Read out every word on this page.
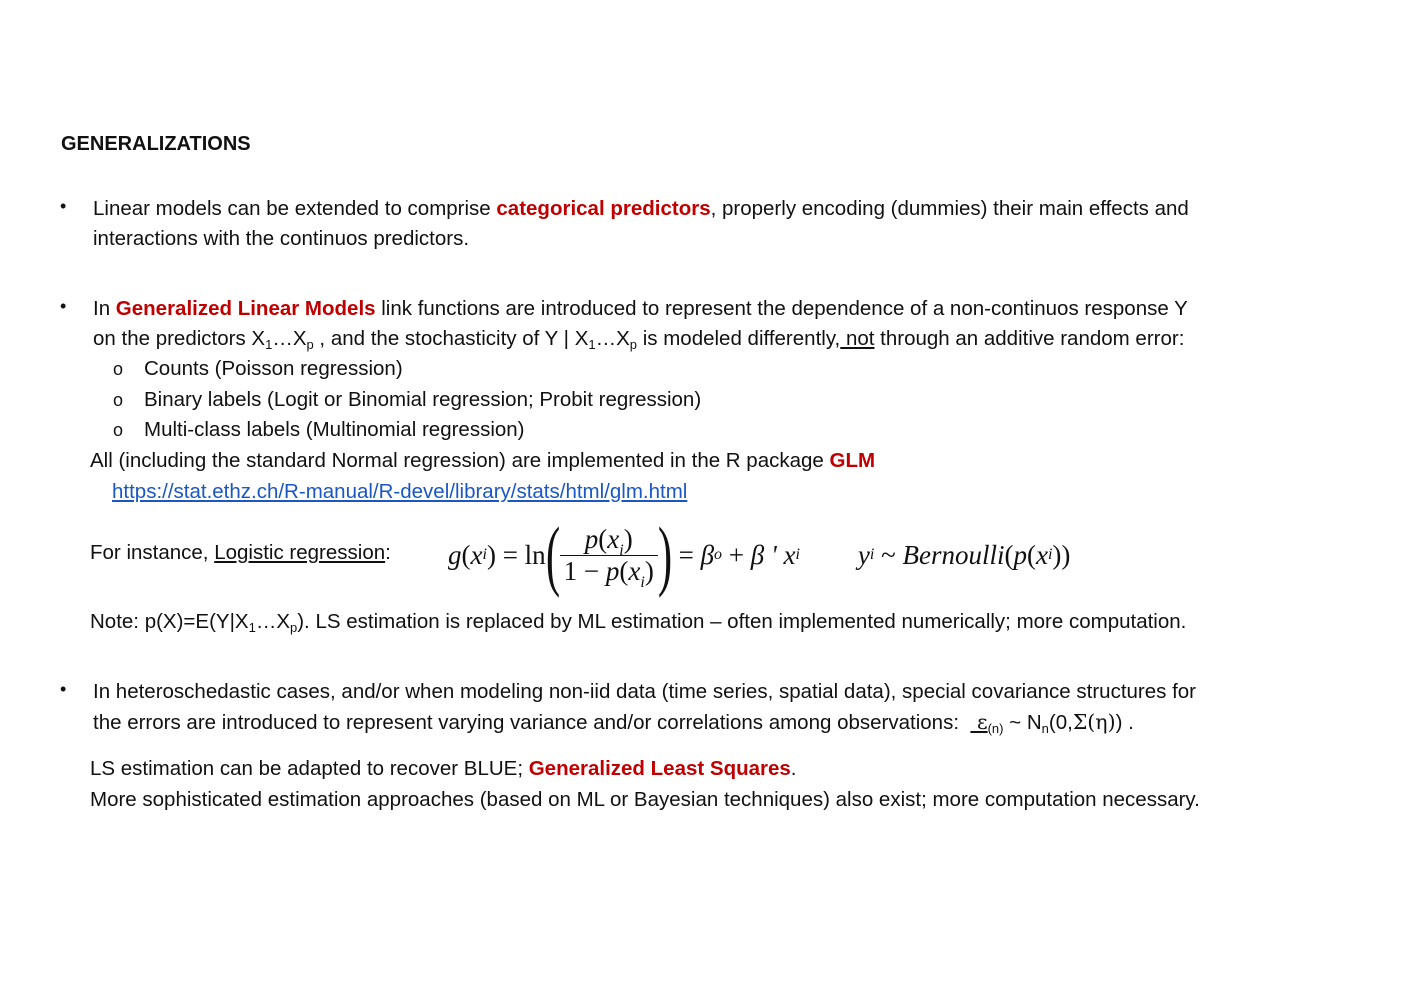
GENERALIZATIONS
• Linear models can be extended to comprise categorical predictors, properly encoding (dummies) their main effects and
interactions with the continuos predictors.
• In Generalized Linear Models link functions are introduced to represent the dependence of a non-continuos response Y
on the predictors $X_1\dots X_p$ , and the stochasticity of Y | $X_1\dots X_p$ is modeled differently, not through an additive random error:
o Counts (Poisson regression)
o Binary labels (Logit or Binomial regression; Probit regression)
o Multi-class labels (Multinomial regression)
All (including the standard Normal regression) are implemented in the R package GLM
https://stat.ethz.ch/R-manual/R-devel/library/stats/html/glm.html
For instance, Logistic regression: g ( x i ) =
ln ( $\frac{p(x_i)}{1 - p(x_i)}$ )
=
β o
+
β '
x i y i
~
Bernoulli ( p ( x i ))
Note: $p(X)=E(Y|X_1\dots X_p)$. LS estimation is replaced by ML estimation – often implemented numerically; more computation.
• In heteroschedastic cases, and/or when modeling non-iid data (time series, spatial data), special covariance structures for
the errors are introduced to represent varying variance and/or correlations among observations: $\varepsilon_{(n)}$ ~ $N_n(0,\Sigma(\eta))$ .
LS estimation can be adapted to recover BLUE; Generalized Least Squares.
More sophisticated estimation approaches (based on ML or Bayesian techniques) also exist; more computation necessary.
